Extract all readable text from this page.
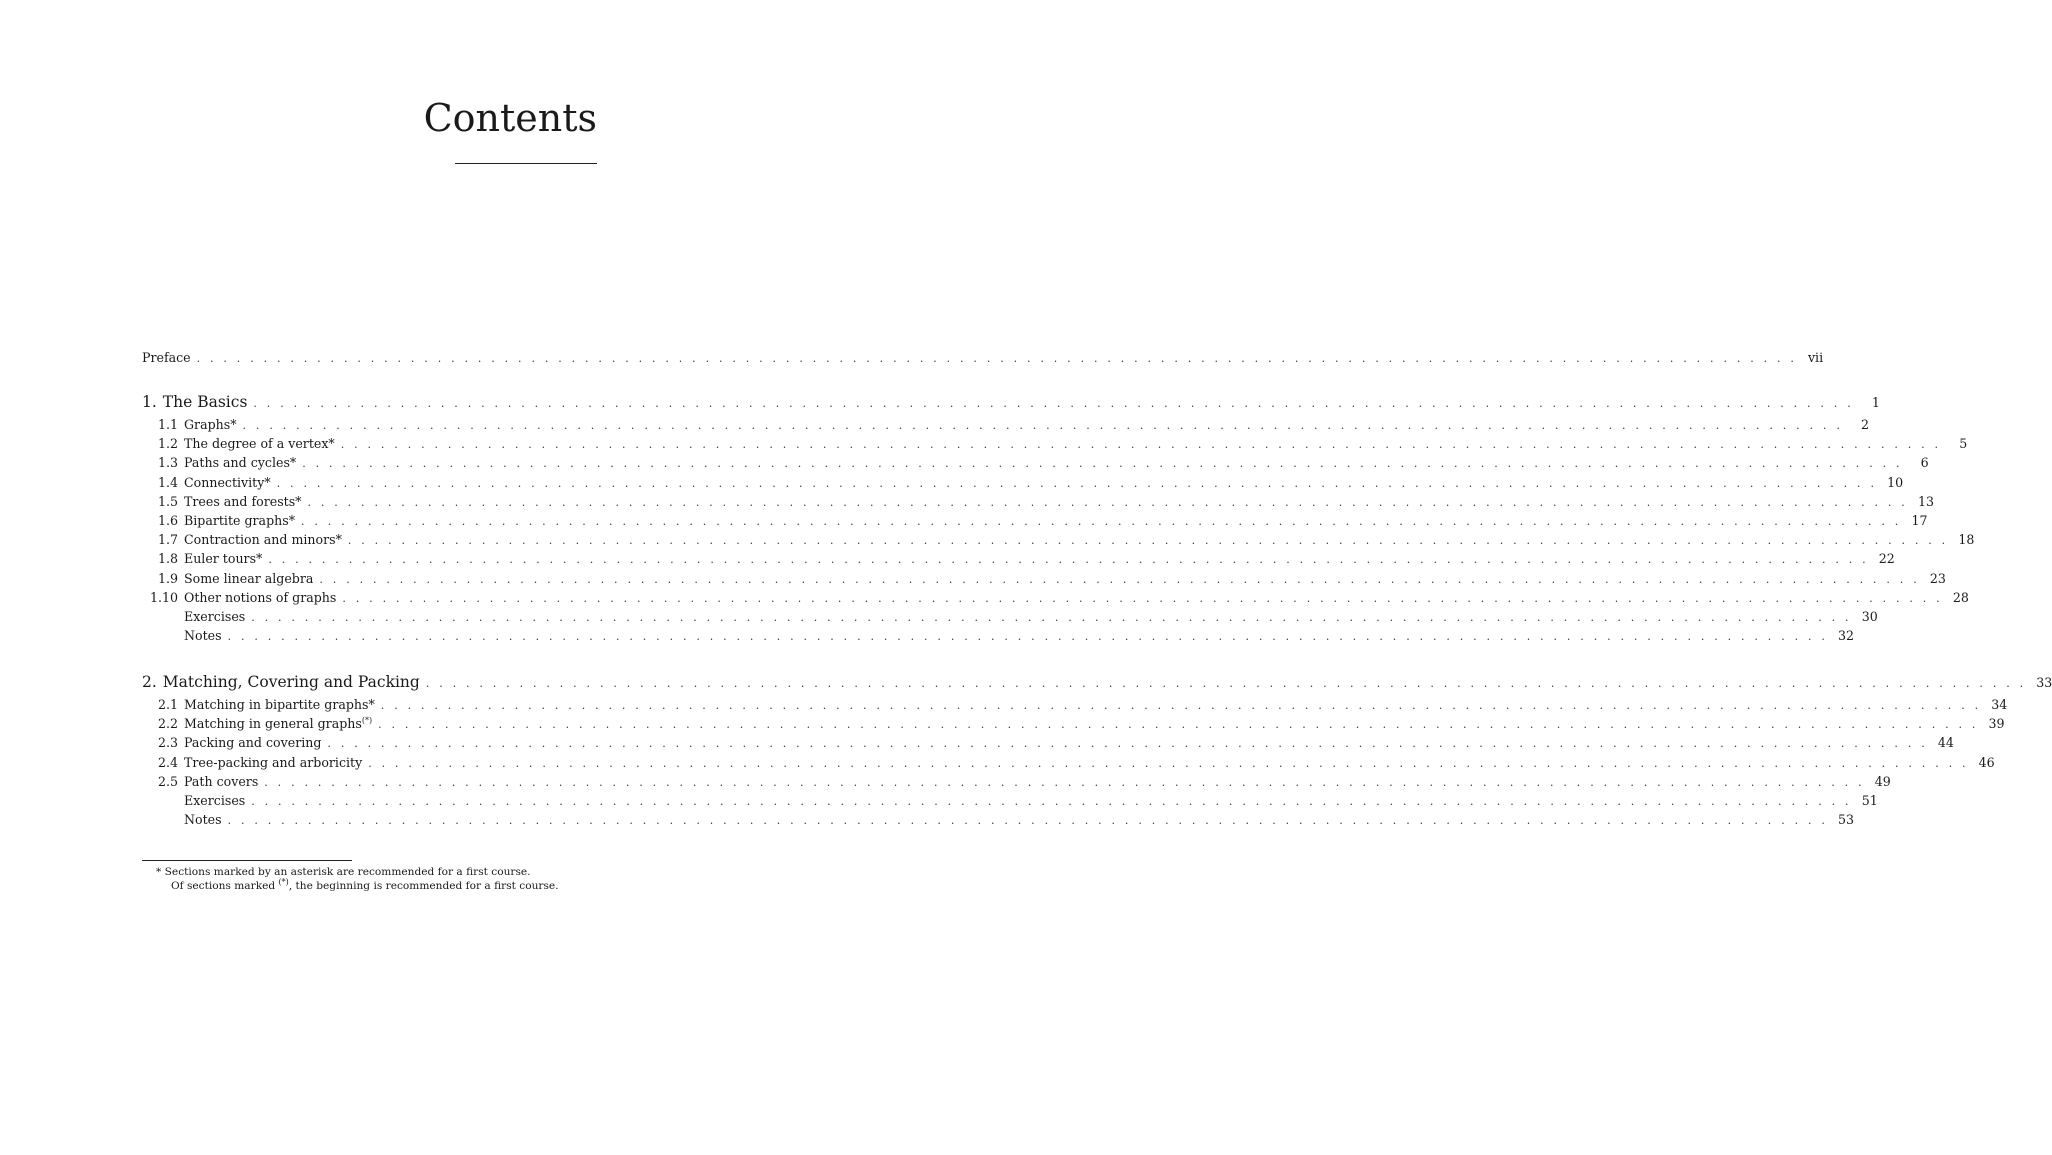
Contents
Preface . . . . . . . . . . . . . . . . . . . . . . . . . . . . . . . . . . . . . . . . . . . . . . . . . . . . . . . . . . . . . . . . . . . . . . . . . . . . . . . . . . . . . . . . . . . . . . . . . . . . . . . . . . . . . . . . . . . . . . . . vii
1. The Basics . . . . . . . . . . . . . . . . . . . . . . . . . . . . . . . . . . . . . . . . . . . . . . . . . . . . . . . . . . . . . . . . . . . . . . . . . . . . . . . . . . . . . . . . . . . . . . . . . . . . . . . . . . . . . . . . . . . . . . . .	1
1.1 Graphs* . . . . . . . . . . . . . . . . . . . . . . . . . . . . . . . . . . . . . . . . . . . . . . . . . . . . . . . . . . . . . . . . . . . . . . . . . . . . . . . . . . . . . . . . . . . . . . . . . . . . . . . . . . . . . . . . . . . . . . . .	2
1.2 The degree of a vertex* . . . . . . . . . . . . . . . . . . . . . . . . . . . . . . . . . . . . . . . . . . . . . . . . . . . . . . . . . . . . . . . . . . . . . . . . . . . . . . . . . . . . . . . . . . . . . . . . . . . . . . . . . . . . . . . . . . . . . . . .	5
1.3 Paths and cycles* . . . . . . . . . . . . . . . . . . . . . . . . . . . . . . . . . . . . . . . . . . . . . . . . . . . . . . . . . . . . . . . . . . . . . . . . . . . . . . . . . . . . . . . . . . . . . . . . . . . . . . . . . . . . . . . . . . . . . . . .	6
1.4 Connectivity* . . . . . . . . . . . . . . . . . . . . . . . . . . . . . . . . . . . . . . . . . . . . . . . . . . . . . . . . . . . . . . . . . . . . . . . . . . . . . . . . . . . . . . . . . . . . . . . . . . . . . . . . . . . . . . . . . . . . . . . . 10
1.5 Trees and forests* . . . . . . . . . . . . . . . . . . . . . . . . . . . . . . . . . . . . . . . . . . . . . . . . . . . . . . . . . . . . . . . . . . . . . . . . . . . . . . . . . . . . . . . . . . . . . . . . . . . . . . . . . . . . . . . . . . . . . . . . 13
1.6 Bipartite graphs* . . . . . . . . . . . . . . . . . . . . . . . . . . . . . . . . . . . . . . . . . . . . . . . . . . . . . . . . . . . . . . . . . . . . . . . . . . . . . . . . . . . . . . . . . . . . . . . . . . . . . . . . . . . . . . . . . . . . . . . . 17
1.7 Contraction and minors* . . . . . . . . . . . . . . . . . . . . . . . . . . . . . . . . . . . . . . . . . . . . . . . . . . . . . . . . . . . . . . . . . . . . . . . . . . . . . . . . . . . . . . . . . . . . . . . . . . . . . . . . . . . . . . . . . . . . . . . . 18
1.8 Euler tours* . . . . . . . . . . . . . . . . . . . . . . . . . . . . . . . . . . . . . . . . . . . . . . . . . . . . . . . . . . . . . . . . . . . . . . . . . . . . . . . . . . . . . . . . . . . . . . . . . . . . . . . . . . . . . . . . . . . . . . . . 22
1.9 Some linear algebra . . . . . . . . . . . . . . . . . . . . . . . . . . . . . . . . . . . . . . . . . . . . . . . . . . . . . . . . . . . . . . . . . . . . . . . . . . . . . . . . . . . . . . . . . . . . . . . . . . . . . . . . . . . . . . . . . . . . . . . . 23
1.10 Other notions of graphs . . . . . . . . . . . . . . . . . . . . . . . . . . . . . . . . . . . . . . . . . . . . . . . . . . . . . . . . . . . . . . . . . . . . . . . . . . . . . . . . . . . . . . . . . . . . . . . . . . . . . . . . . . . . . . . . . . . . . . . . 28
Exercises . . . . . . . . . . . . . . . . . . . . . . . . . . . . . . . . . . . . . . . . . . . . . . . . . . . . . . . . . . . . . . . . . . . . . . . . . . . . . . . . . . . . . . . . . . . . . . . . . . . . . . . . . . . . . . . . . . . . . . . . 30
Notes . . . . . . . . . . . . . . . . . . . . . . . . . . . . . . . . . . . . . . . . . . . . . . . . . . . . . . . . . . . . . . . . . . . . . . . . . . . . . . . . . . . . . . . . . . . . . . . . . . . . . . . . . . . . . . . . . . . . . . . . 32
2. Matching, Covering and Packing . . . . . . . . . . . . . . . . . . . . . . . . . . . . . . . . . . . . . . . . . . . . . . . . . . . . . . . . . . . . . . . . . . . . . . . . . . . . . . . . . . . . . . . . . . . . . . . . . . . . . . . . . . . . . . . . . . . . . . . . 33
2.1 Matching in bipartite graphs* . . . . . . . . . . . . . . . . . . . . . . . . . . . . . . . . . . . . . . . . . . . . . . . . . . . . . . . . . . . . . . . . . . . . . . . . . . . . . . . . . . . . . . . . . . . . . . . . . . . . . . . . . . . . . . . . . . . . . . . . 34
2.2 Matching in general graphs(*) . . . . . . . . . . . . . . . . . . . . . . . . . . . . . . . . . . . . . . . . . . . . . . . . . . . . . . . . . . . . . . . . . . . . . . . . . . . . . . . . . . . . . . . . . . . . . . . . . . . . . . . . . . . . . . . . . . . . . . . . 39
2.3 Packing and covering . . . . . . . . . . . . . . . . . . . . . . . . . . . . . . . . . . . . . . . . . . . . . . . . . . . . . . . . . . . . . . . . . . . . . . . . . . . . . . . . . . . . . . . . . . . . . . . . . . . . . . . . . . . . . . . . . . . . . . . . 44
2.4 Tree-packing and arboricity . . . . . . . . . . . . . . . . . . . . . . . . . . . . . . . . . . . . . . . . . . . . . . . . . . . . . . . . . . . . . . . . . . . . . . . . . . . . . . . . . . . . . . . . . . . . . . . . . . . . . . . . . . . . . . . . . . . . . . . . 46
2.5 Path covers . . . . . . . . . . . . . . . . . . . . . . . . . . . . . . . . . . . . . . . . . . . . . . . . . . . . . . . . . . . . . . . . . . . . . . . . . . . . . . . . . . . . . . . . . . . . . . . . . . . . . . . . . . . . . . . . . . . . . . . . 49
Exercises . . . . . . . . . . . . . . . . . . . . . . . . . . . . . . . . . . . . . . . . . . . . . . . . . . . . . . . . . . . . . . . . . . . . . . . . . . . . . . . . . . . . . . . . . . . . . . . . . . . . . . . . . . . . . . . . . . . . . . . . 51
Notes . . . . . . . . . . . . . . . . . . . . . . . . . . . . . . . . . . . . . . . . . . . . . . . . . . . . . . . . . . . . . . . . . . . . . . . . . . . . . . . . . . . . . . . . . . . . . . . . . . . . . . . . . . . . . . . . . . . . . . . . 53
* Sections marked by an asterisk are recommended for a first course.
Of sections marked (*), the beginning is recommended for a first course.
